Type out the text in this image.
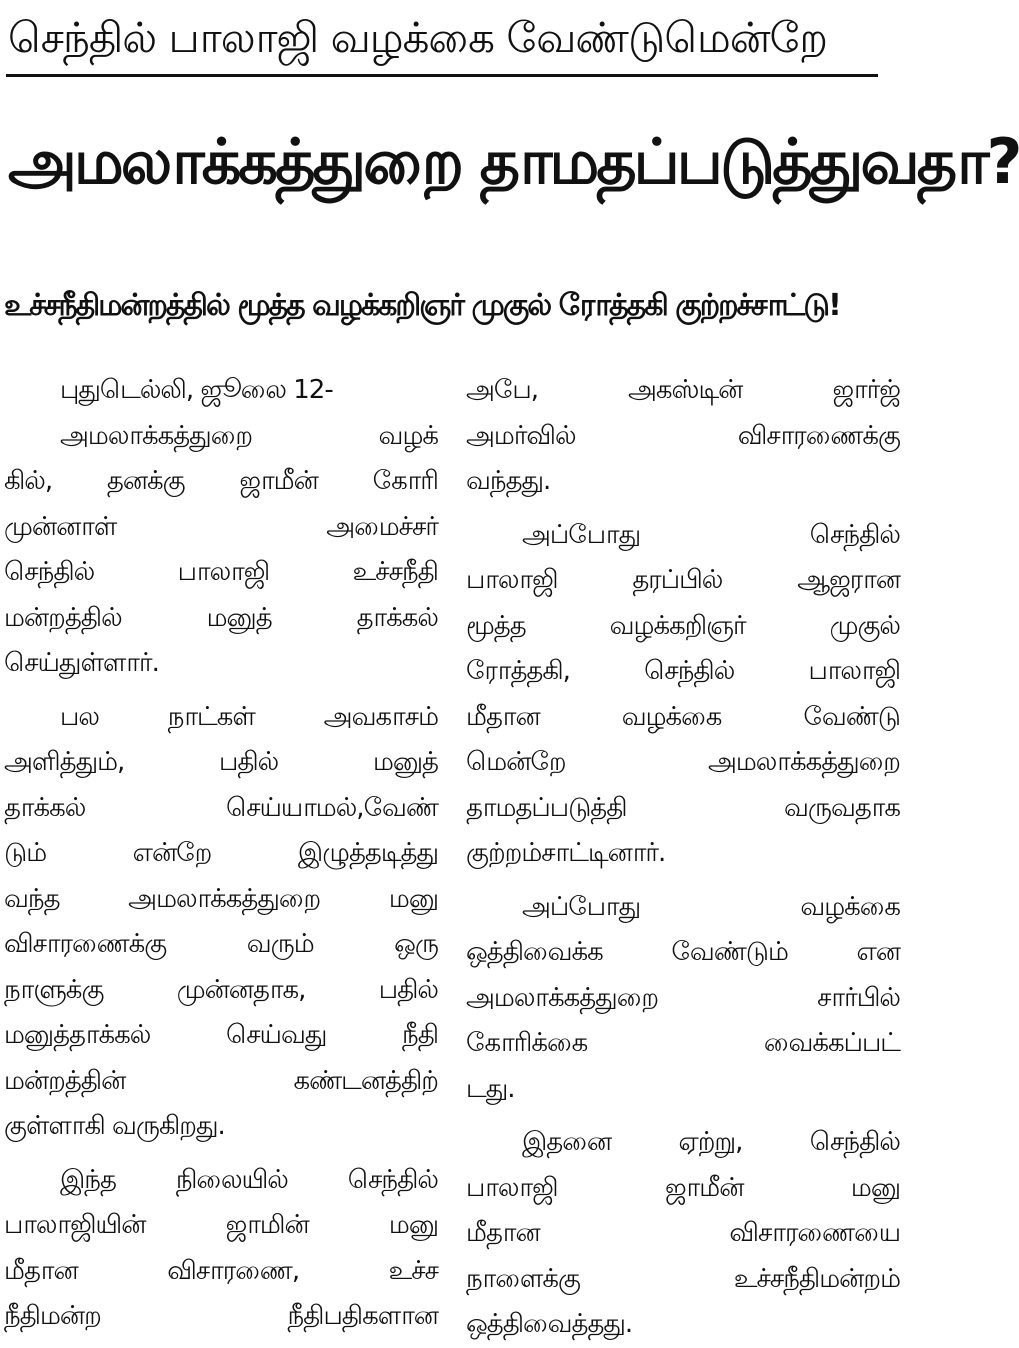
செந்தில் பாலாஜி வழக்கை வேண்டுமென்றே
அமலாக்கத்துறை தாமதப்படுத்துவதா?
உச்சநீதிமன்றத்தில் மூத்த வழக்கறிஞர் முகுல் ரோத்தகி குற்றச்சாட்டு!
புதுடெல்லி, ஜூலை 12-
அமலாக்கத்துறை வழக்
கில், தனக்கு ஜாமீன் கோரி
முன்னாள் அமைச்சர்
செந்தில் பாலாஜி உச்சநீதி
மன்றத்தில் மனுத் தாக்கல்
செய்துள்ளார்.
பல நாட்கள் அவகாசம்
அளித்தும், பதில் மனுத்
தாக்கல் செய்யாமல்,வேண்
டும் என்றே இழுத்தடித்து
வந்த அமலாக்கத்துறை மனு
விசாரணைக்கு வரும் ஒரு
நாளுக்கு முன்னதாக, பதில்
மனுத்தாக்கல் செய்வது நீதி
மன்றத்தின் கண்டனத்திற்
குள்ளாகி வருகிறது.
இந்த நிலையில் செந்தில்
பாலாஜியின் ஜாமின் மனு
மீதான விசாரணை, உச்ச
நீதிமன்ற நீதிபதிகளான
அபே, அகஸ்டின் ஜார்ஜ்
அமர்வில் விசாரணைக்கு
வந்தது.
அப்போது செந்தில்
பாலாஜி தரப்பில் ஆஜரான
மூத்த வழக்கறிஞர் முகுல்
ரோத்தகி, செந்தில் பாலாஜி
மீதான வழக்கை வேண்டு
மென்றே அமலாக்கத்துறை
தாமதப்படுத்தி வருவதாக
குற்றம்சாட்டினார்.
அப்போது வழக்கை
ஒத்திவைக்க வேண்டும் என
அமலாக்கத்துறை சார்பில்
கோரிக்கை வைக்கப்பட்
டது.
இதனை ஏற்று, செந்தில்
பாலாஜி ஜாமீன் மனு
மீதான விசாரணையை
நாளைக்கு உச்சநீதிமன்றம்
ஒத்திவைத்தது.
